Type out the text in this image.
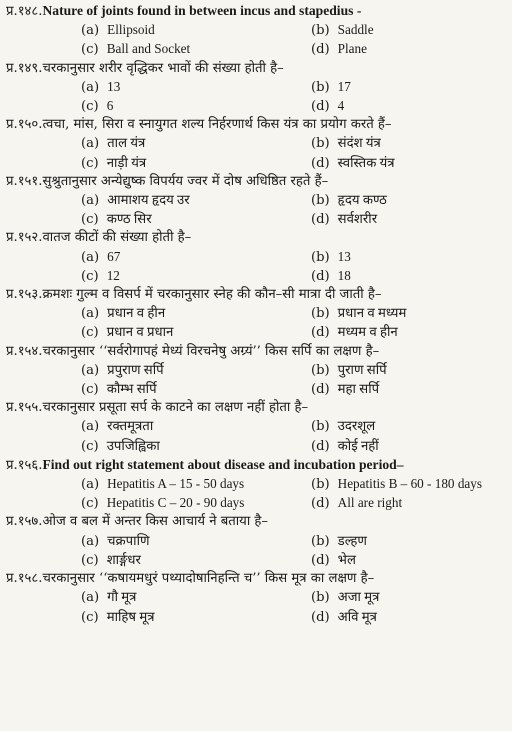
प्र.१४८. Nature of joints found in between incus and stapedius -
(a) Ellipsoid	(b) Saddle
(c) Ball and Socket	(d) Plane
प्र.१४९. चरकानुसार शरीर वृद्धिकर भावों की संख्या होती है–
(a) 13	(b) 17
(c) 6	(d) 4
प्र.१५०. त्वचा, मांस, सिरा व स्नायुगत शल्य निर्हरणार्थ किस यंत्र का प्रयोग करते हैं–
(a) ताल यंत्र	(b) संदंश यंत्र
(c) नाड़ी यंत्र	(d) स्वस्तिक यंत्र
प्र.१५१. सुश्रुतानुसार अन्येद्युष्क विपर्यय ज्वर में दोष अधिष्ठित रहते हैं–
(a) आमाशय हृदय उर	(b) हृदय कण्ठ
(c) कण्ठ सिर	(d) सर्वशरीर
प्र.१५२. वातज कीटों की संख्या होती है–
(a) 67	(b) 13
(c) 12	(d) 18
प्र.१५३. क्रमशः गुल्म व विसर्प में चरकानुसार स्नेह की कौन–सी मात्रा दी जाती है–
(a) प्रधान व हीन	(b) प्रधान व मध्यम
(c) प्रधान व प्रधान	(d) मध्यम व हीन
प्र.१५४. चरकानुसार ‘‘सर्वरोगापहं मेध्यं विरचनेषु अग्र्यं’’ किस सर्पि का लक्षण है–
(a) प्रपुराण सर्पि	(b) पुराण सर्पि
(c) कौम्भ सर्पि	(d) महा सर्पि
प्र.१५५. चरकानुसार प्रसूता सर्प के काटने का लक्षण नहीं होता है–
(a) रक्तमूत्रता	(b) उदरशूल
(c) उपजिह्विका	(d) कोई नहीं
प्र.१५६. Find out right statement about disease and incubation period–
(a) Hepatitis A – 15 - 50 days	(b) Hepatitis B – 60 - 180 days
(c) Hepatitis C – 20 - 90 days	(d) All are right
प्र.१५७. ओज व बल में अन्तर किस आचार्य ने बताया है–
(a) चक्रपाणि	(b) डल्हण
(c) शार्ङ्गधर	(d) भेल
प्र.१५८. चरकानुसार ‘‘कषायमधुरं पथ्यादोषानिहन्ति च’’ किस मूत्र का लक्षण है–
(a) गौ मूत्र	(b) अजा मूत्र
(c) माहिष मूत्र	(d) अवि मूत्र
